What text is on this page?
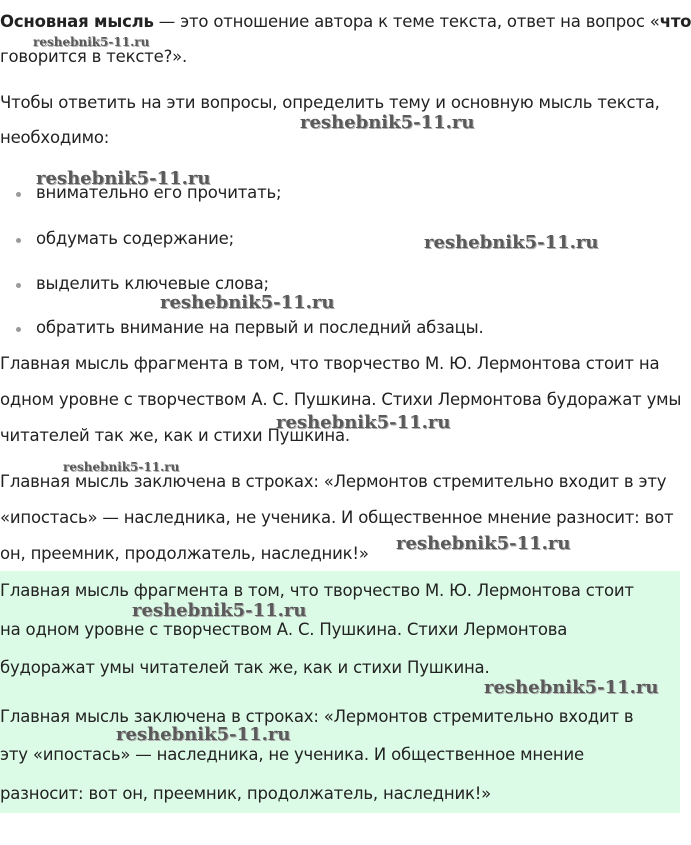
Основная мысль — это отношение автора к теме текста, ответ на вопрос «что
говорится в тексте?».
Чтобы ответить на эти вопросы, определить тему и основную мысль текста,
необходимо:
внимательно его прочитать;
обдумать содержание;
выделить ключевые слова;
обратить внимание на первый и последний абзацы.
Главная мысль фрагмента в том, что творчество М. Ю. Лермонтова стоит на
одном уровне с творчеством А. С. Пушкина. Стихи Лермонтова будоражат умы
читателей так же, как и стихи Пушкина.
Главная мысль заключена в строках: «Лермонтов стремительно входит в эту
«ипостась» — наследника, не ученика. И общественное мнение разносит: вот
он, преемник, продолжатель, наследник!»
Главная мысль фрагмента в том, что творчество М. Ю. Лермонтова стоит
на одном уровне с творчеством А. С. Пушкина. Стихи Лермонтова
будоражат умы читателей так же, как и стихи Пушкина.
Главная мысль заключена в строках: «Лермонтов стремительно входит в
эту «ипостась» — наследника, не ученика. И общественное мнение
разносит: вот он, преемник, продолжатель, наследник!»
reshebnik5-11.ru
reshebnik5-11.ru
reshebnik5-11.ru
reshebnik5-11.ru
reshebnik5-11.ru
reshebnik5-11.ru
reshebnik5-11.ru
reshebnik5-11.ru
reshebnik5-11.ru
reshebnik5-11.ru
reshebnik5-11.ru
